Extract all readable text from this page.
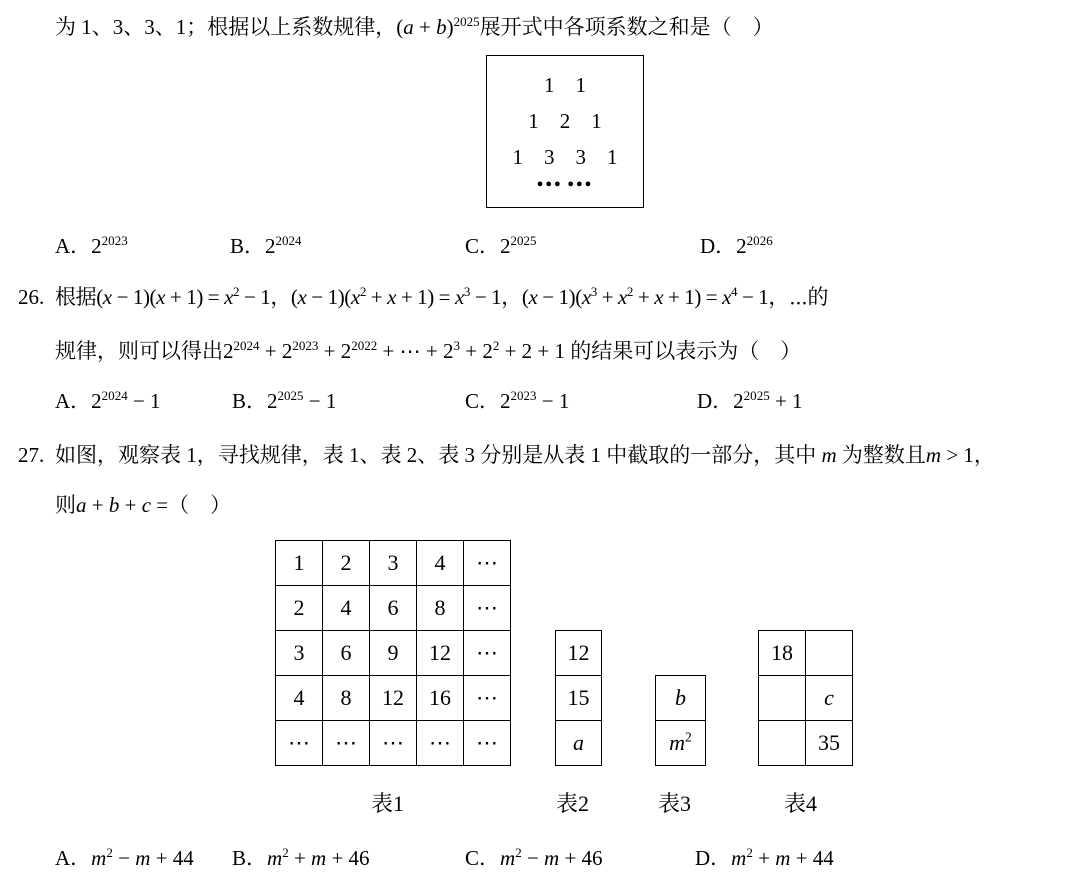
为 1、3、3、1；根据以上系数规律，$(a + b)^{2025}$展开式中各项系数之和是（　）
1　1
1　2　1
1　3　3　1
●●● ●●●
A．$2^{2023}$	B．$2^{2024}$	C．$2^{2025}$	D．$2^{2026}$
26. 根据$(x - 1)(x + 1) = x^2 - 1$，$(x - 1)(x^2 + x + 1) = x^3 - 1$，$(x - 1)(x^3 + x^2 + x + 1) = x^4 - 1$，⋯的
规律，则可以得出$2^{2024} + 2^{2023} + 2^{2022}$ + ⋯ + $2^3 + 2^2 + 2 + 1$ 的结果可以表示为（　）
A．$2^{2024} - 1$	B．$2^{2025} - 1$	C．$2^{2023} - 1$	D．$2^{2025} + 1$
27. 如图，观察表 1，寻找规律，表 1、表 2、表 3 分别是从表 1 中截取的一部分，其中 m 为整数且m > 1，
则a + b + c =（　）
1	2	3	4	⋯
2	4	6	8	⋯
3	6	9	12	⋯
4	8	12	16	⋯
⋯	⋯	⋯	⋯	⋯
12
15
a
b
$m^2$
18	
	c
	35
表1	表2	表3	表4
A．$m^2 - m + 44$ B．$m^2 + m + 46$	C．$m^2 - m + 46$	D．$m^2 + m + 44$
